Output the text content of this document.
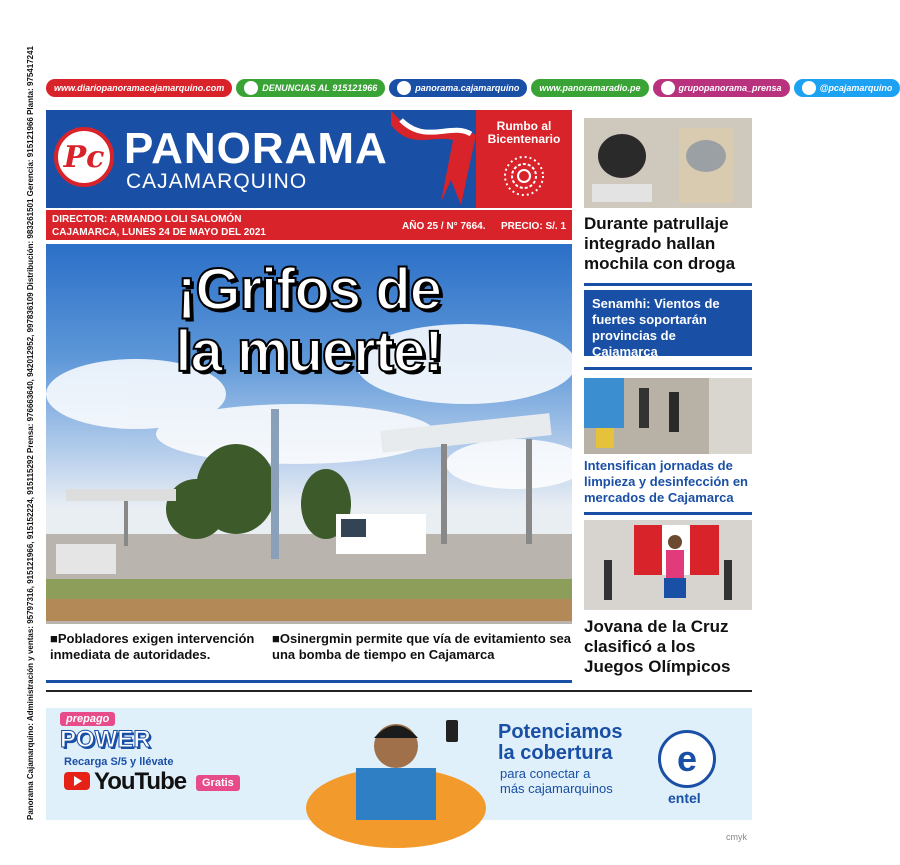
www.diariopanoramacajamarquino.com	DENUNCIAS AL 915121966	panorama.cajamarquino www.panoramaradio.pe	grupopanorama_prensa	@pcajamarquino
Panorama Cajamarquino: Administración y ventas: 95797316, 915121966, 915152224, 915115292 Prensa: 976663640, 942012952, 997836109 Distribución: 983261501 Gerencia: 915121966 Planta: 975417241 Pc PANORAMA
CAJAMARQUINO
Rumbo al Bicentenario
DIRECTOR: ARMANDO LOLI SALOMÓN
CAJAMARCA, LUNES 24 DE MAYO DEL 2021
AÑO 25 / N° 7664. PRECIO: S/. 1
¡Grifos de
la muerte!
■Pobladores exigen intervención inmediata de autoridades.
■Osinergmin permite que vía de evitamiento sea una bomba de tiempo en Cajamarca
Durante patrullaje integrado hallan mochila con droga
Senamhi: Vientos de fuertes soportarán provincias de Cajamarca
Intensifican jornadas de limpieza y desinfección en mercados de Cajamarca
Jovana de la Cruz clasificó a los Juegos Olímpicos
prepago
POWER
Recarga S/5 y llévate
YouTube	Gratis
Potenciamos
la cobertura
para conectar a
más cajamarquinos
e
entel
cmyk
